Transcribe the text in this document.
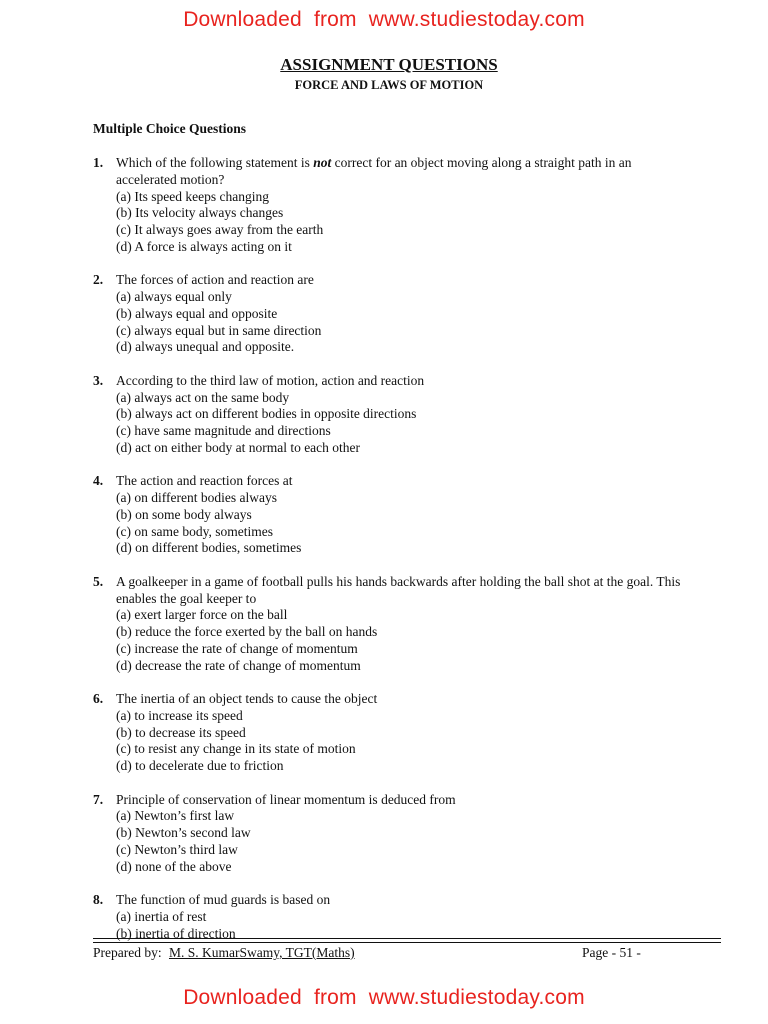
Downloaded from www.studiestoday.com
ASSIGNMENT QUESTIONS
FORCE AND LAWS OF MOTION
Multiple Choice Questions
1. Which of the following statement is not correct for an object moving along a straight path in an accelerated motion?
(a) Its speed keeps changing
(b) Its velocity always changes
(c) It always goes away from the earth
(d) A force is always acting on it
2. The forces of action and reaction are
(a) always equal only
(b) always equal and opposite
(c) always equal but in same direction
(d) always unequal and opposite.
3. According to the third law of motion, action and reaction
(a) always act on the same body
(b) always act on different bodies in opposite directions
(c) have same magnitude and directions
(d) act on either body at normal to each other
4. The action and reaction forces at
(a) on different bodies always
(b) on some body always
(c) on same body, sometimes
(d) on different bodies, sometimes
5. A goalkeeper in a game of football pulls his hands backwards after holding the ball shot at the goal. This enables the goal keeper to
(a) exert larger force on the ball
(b) reduce the force exerted by the ball on hands
(c) increase the rate of change of momentum
(d) decrease the rate of change of momentum
6. The inertia of an object tends to cause the object
(a) to increase its speed
(b) to decrease its speed
(c) to resist any change in its state of motion
(d) to decelerate due to friction
7. Principle of conservation of linear momentum is deduced from
(a) Newton’s first law
(b) Newton’s second law
(c) Newton’s third law
(d) none of the above
8. The function of mud guards is based on
(a) inertia of rest
(b) inertia of direction
Prepared by: M. S. KumarSwamy, TGT(Maths)	Page - 51 -
Downloaded from www.studiestoday.com
